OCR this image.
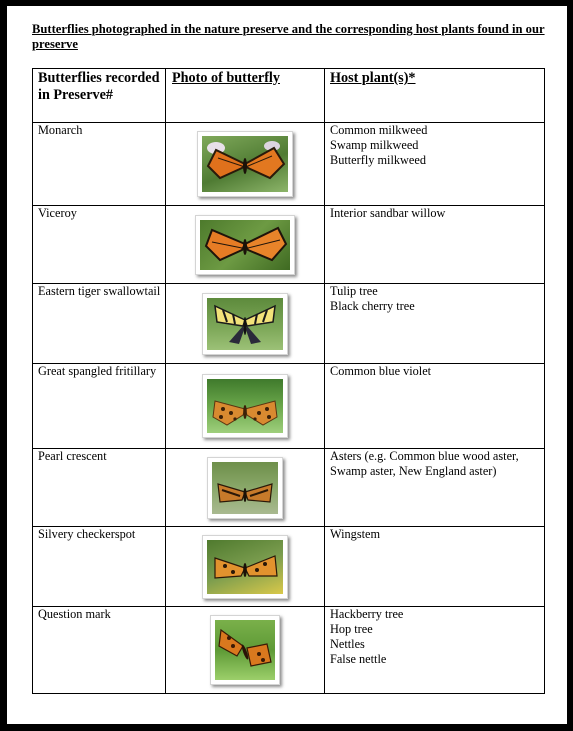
Butterflies photographed in the nature preserve and the corresponding host plants found in our preserve
Butterflies recorded in Preserve#	Photo of butterfly	Host plant(s)*
Monarch		Common milkweed
Swamp milkweed
Butterfly milkweed

Viceroy		Interior sandbar willow

Eastern tiger swallowtail		Tulip tree
Black cherry tree

Great spangled fritillary		Common blue violet

Pearl crescent		Asters (e.g. Common blue wood aster, Swamp aster, New England aster)

Silvery checkerspot		Wingstem

Question mark		Hackberry tree
Hop tree
Nettles
False nettle
